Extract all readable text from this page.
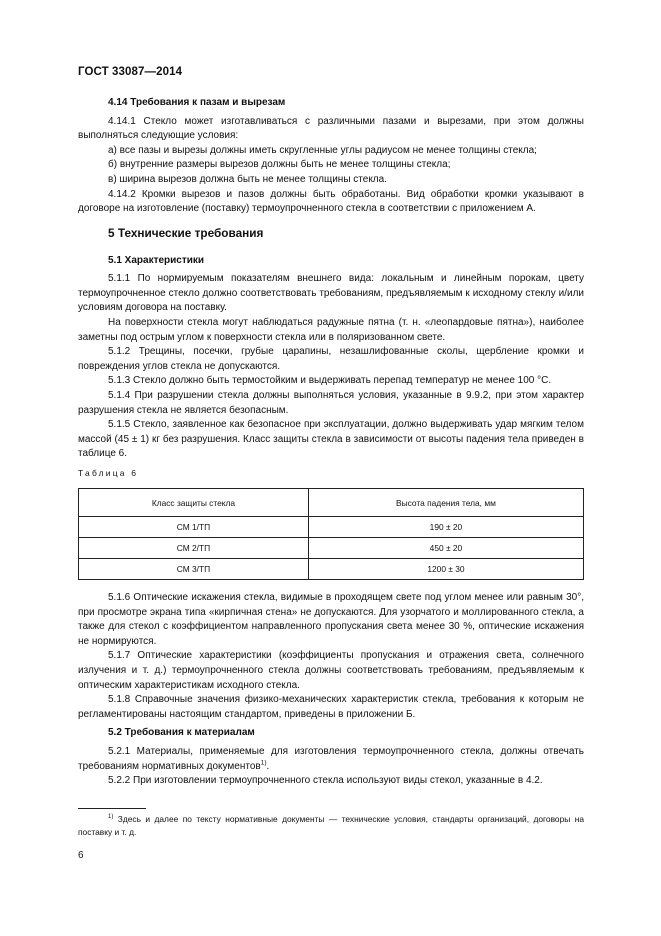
ГОСТ 33087—2014

4.14 Требования к пазам и вырезам

4.14.1 Стекло может изготавливаться с различными пазами и вырезами, при этом должны выполняться следующие условия:

а) все пазы и вырезы должны иметь скругленные углы радиусом не менее толщины стекла;

б) внутренние размеры вырезов должны быть не менее толщины стекла;

в) ширина вырезов должна быть не менее толщины стекла.

4.14.2 Кромки вырезов и пазов должны быть обработаны. Вид обработки кромки указывают в договоре на изготовление (поставку) термоупрочненного стекла в соответствии с приложением А.

5 Технические требования

5.1 Характеристики

5.1.1 По нормируемым показателям внешнего вида: локальным и линейным порокам, цвету термоупрочненное стекло должно соответствовать требованиям, предъявляемым к исходному стеклу и/или условиям договора на поставку.

На поверхности стекла могут наблюдаться радужные пятна (т. н. «леопардовые пятна»), наиболее заметны под острым углом к поверхности стекла или в поляризованном свете.

5.1.2 Трещины, посечки, грубые царапины, незашлифованные сколы, щербление кромки и повреждения углов стекла не допускаются.

5.1.3 Стекло должно быть термостойким и выдерживать перепад температур не менее 100 °С.

5.1.4 При разрушении стекла должны выполняться условия, указанные в 9.9.2, при этом характер разрушения стекла не является безопасным.

5.1.5 Стекло, заявленное как безопасное при эксплуатации, должно выдерживать удар мягким телом массой (45 ± 1) кг без разрушения. Класс защиты стекла в зависимости от высоты падения тела приведен в таблице 6.

Таблица 6
Класс защиты стекла	Высота падения тела, мм
СМ 1/ТП	190 ± 20
СМ 2/ТП	450 ± 20
СМ 3/ТП	1200 ± 30

5.1.6 Оптические искажения стекла, видимые в проходящем свете под углом менее или равным 30°, при просмотре экрана типа «кирпичная стена» не допускаются. Для узорчатого и моллированного стекла, а также для стекол с коэффициентом направленного пропускания света менее 30 %, оптические искажения не нормируются.

5.1.7 Оптические характеристики (коэффициенты пропускания и отражения света, солнечного излучения и т. д.) термоупрочненного стекла должны соответствовать требованиям, предъявляемым к оптическим характеристикам исходного стекла.

5.1.8 Справочные значения физико-механических характеристик стекла, требования к которым не регламентированы настоящим стандартом, приведены в приложении Б.

5.2 Требования к материалам

5.2.1 Материалы, применяемые для изготовления термоупрочненного стекла, должны отвечать требованиям нормативных документов$^{1)}$.

5.2.2 При изготовлении термоупрочненного стекла используют виды стекол, указанные в 4.2.

$^{1)}$ Здесь и далее по тексту нормативные документы — технические условия, стандарты организаций, договоры на поставку и т. д.
6
